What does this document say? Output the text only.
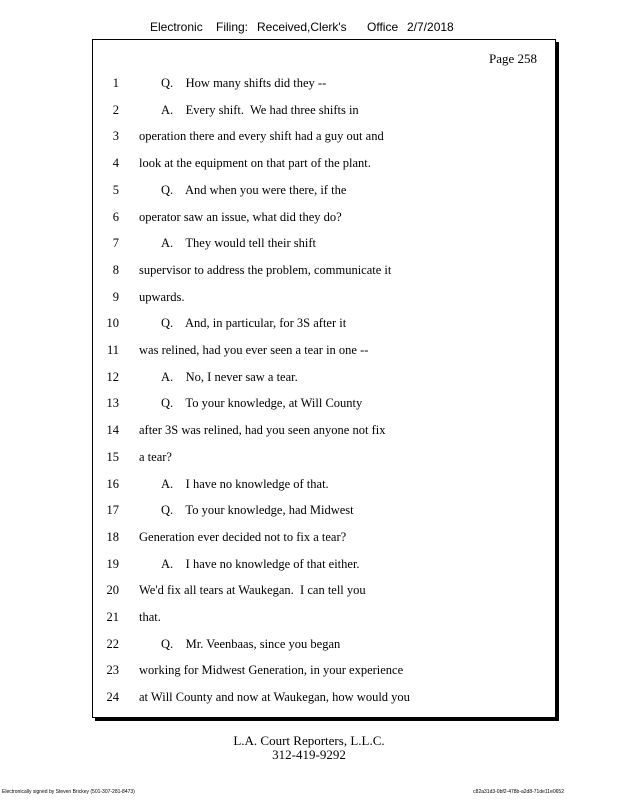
Electronic Filing: Received,Clerk's Office 2/7/2018
Page 258
1	Q.    How many shifts did they --
2	A.    Every shift.  We had three shifts in
3 operation there and every shift had a guy out and
4 look at the equipment on that part of the plant.
5	Q.    And when you were there, if the
6 operator saw an issue, what did they do?
7	A.    They would tell their shift
8 supervisor to address the problem, communicate it
9 upwards.
10	Q.    And, in particular, for 3S after it
11 was relined, had you ever seen a tear in one --
12	A.    No, I never saw a tear.
13	Q.    To your knowledge, at Will County
14 after 3S was relined, had you seen anyone not fix
15 a tear?
16	A.    I have no knowledge of that.
17	Q.    To your knowledge, had Midwest
18 Generation ever decided not to fix a tear?
19	A.    I have no knowledge of that either.
20 We'd fix all tears at Waukegan.  I can tell you
21 that.
22	Q.    Mr. Veenbaas, since you began
23 working for Midwest Generation, in your experience
24 at Will County and now at Waukegan, how would you
L.A. Court Reporters, L.L.C.
312-419-9292
Electronically signed by Steven Brickey (501-307-281-8473)	c82a31d3-0bf2-478b-a2d8-71de11e0652
